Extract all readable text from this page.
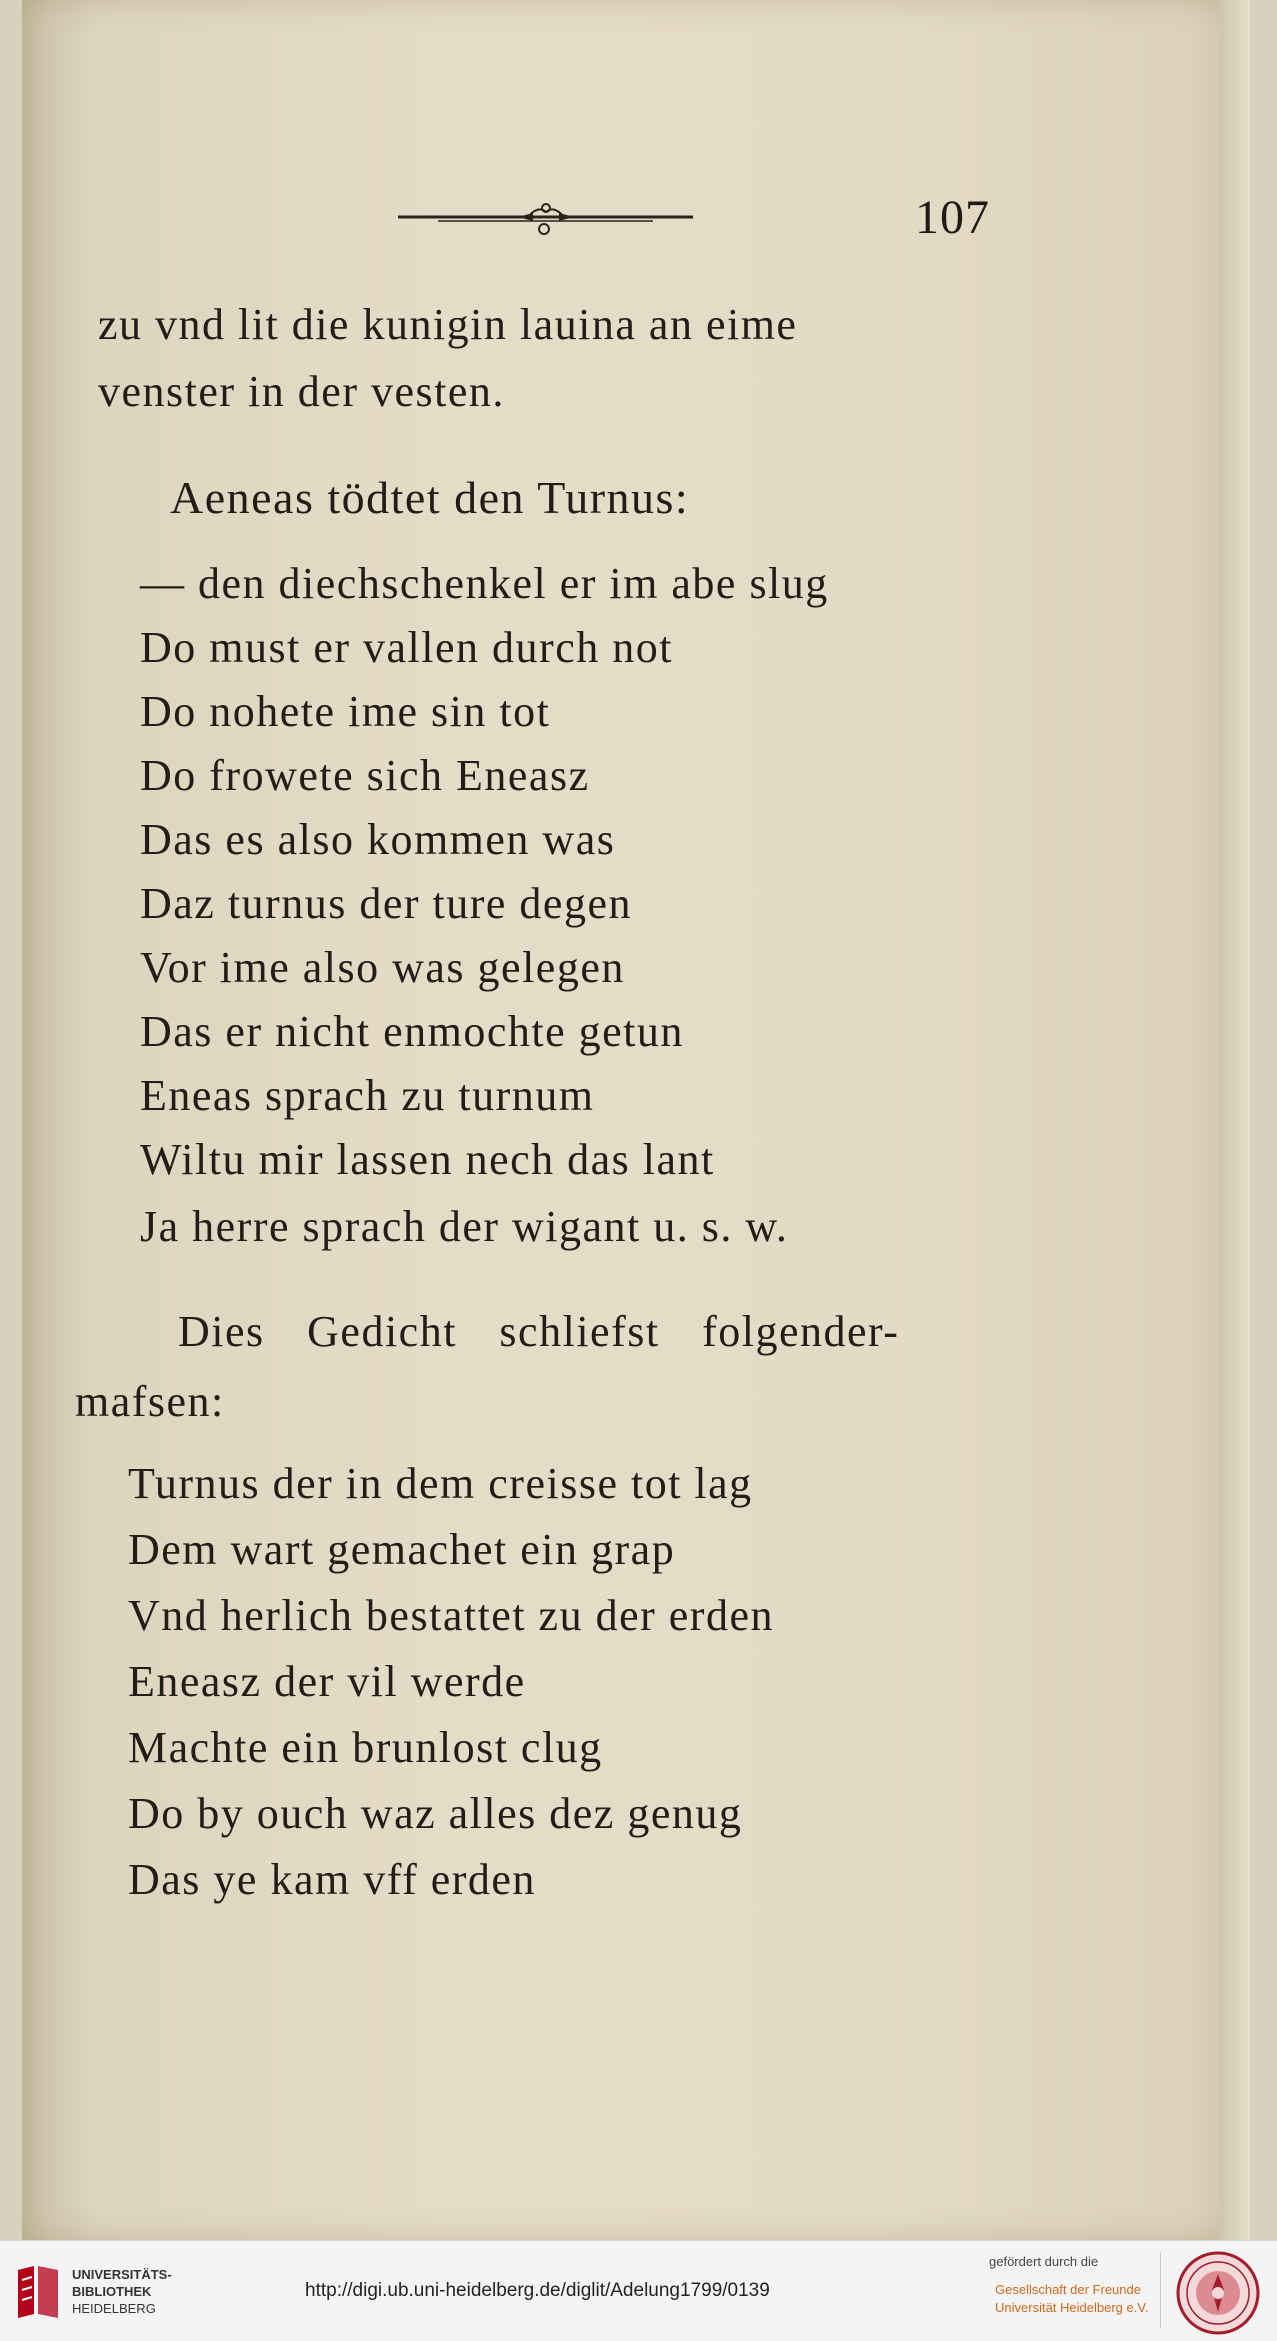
107
zu vnd lit die kunigin lauina an eime
venster in der vesten.
Aeneas tödtet den Turnus:
— den diechschenkel er im abe slug
Do must er vallen durch not
Do nohete ime sin tot
Do frowete sich Eneasz
Das es also kommen was
Daz turnus der ture degen
Vor ime also was gelegen
Das er nicht enmochte getun
Eneas sprach zu turnum
Wiltu mir lassen nech das lant
Ja herre sprach der wigant u. s. w.
Dies Gedicht schliefst folgender-
mafsen:
Turnus der in dem creisse tot lag
Dem wart gemachet ein grap
Vnd herlich bestattet zu der erden
Eneasz der vil werde
Machte ein brunlost clug
Do by ouch waz alles dez genug
Das ye kam vff erden
UNIVERSITÄTS-
BIBLIOTHEK
HEIDELBERG
http://digi.ub.uni-heidelberg.de/diglit/Adelung1799/0139
gefördert durch die
Gesellschaft der Freunde
Universität Heidelberg e.V.
